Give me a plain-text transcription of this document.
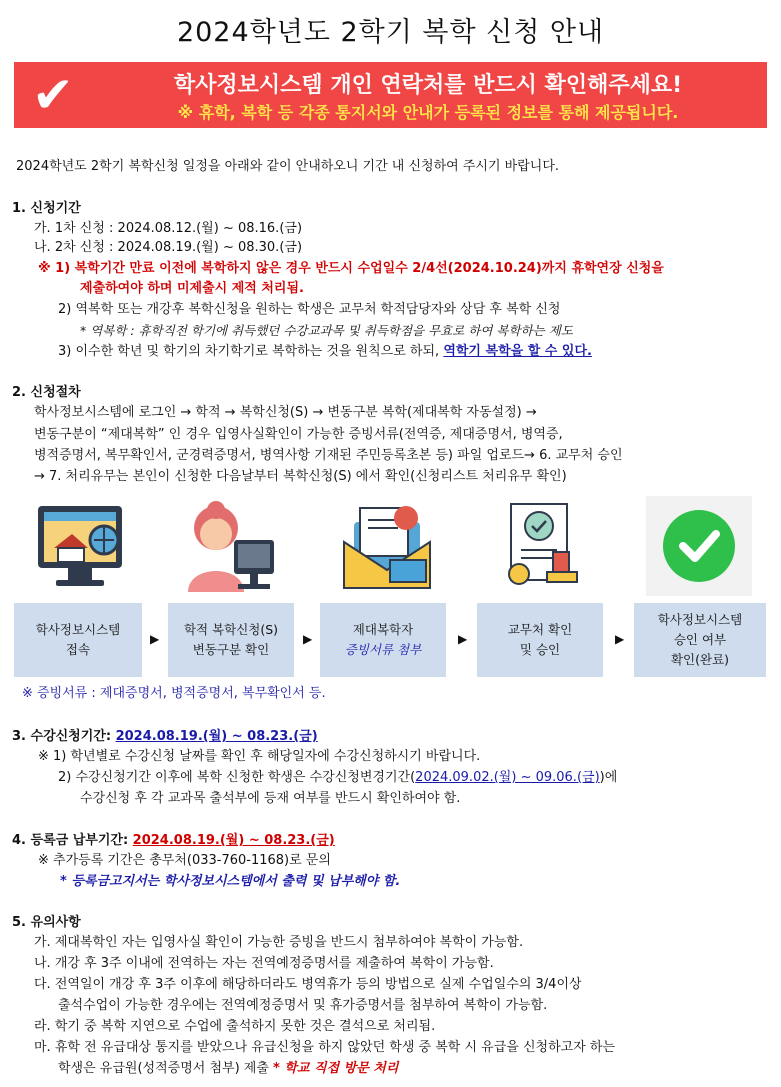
2024학년도 2학기 복학 신청 안내
✔	학사정보시스템 개인 연락처를 반드시 확인해주세요!
※ 휴학, 복학 등 각종 통지서와 안내가 등록된 정보를 통해 제공됩니다.
2024학년도 2학기 복학신청 일정을 아래와 같이 안내하오니 기간 내 신청하여 주시기 바랍니다.
1. 신청기간
가. 1차 신청 : 2024.08.12.(월) ~ 08.16.(금)
나. 2차 신청 : 2024.08.19.(월) ~ 08.30.(금)
※ 1) 복학기간 만료 이전에 복학하지 않은 경우 반드시 수업일수 2/4선(2024.10.24)까지 휴학연장 신청을
제출하여야 하며 미제출시 제적 처리됨.
2) 역복학 또는 개강후 복학신청을 원하는 학생은 교무처 학적담당자와 상담 후 복학 신청
* 역복학 : 휴학직전 학기에 취득했던 수강교과목 및 취득학점을 무효로 하여 복학하는 제도
3) 이수한 학년 및 학기의 차기학기로 복학하는 것을 원칙으로 하되, 역학기 복학을 할 수 있다.
2. 신청절차
학사정보시스템에 로그인 → 학적 → 복학신청(S) → 변동구분 복학(제대복학 자동설정) →
변동구분이 “제대복학” 인 경우 입영사실확인이 가능한 증빙서류(전역증, 제대증명서, 병역증,
병적증명서, 복무확인서, 군경력증명서, 병역사항 기재된 주민등록초본 등) 파일 업로드→ 6. 교무처 승인
→ 7. 처리유무는 본인이 신청한 다음날부터 복학신청(S) 에서 확인(신청리스트 처리유무 확인)
학사정보시스템
접속
▶
학적 복학신청(S)
변동구분 확인
▶
제대복학자
증빙서류 첨부
▶
교무처 확인
및 승인
▶
학사정보시스템
승인 여부
확인(완료)
※ 증빙서류 : 제대증명서, 병적증명서, 복무확인서 등.
3. 수강신청기간: 2024.08.19.(월) ~ 08.23.(금)
※ 1) 학년별로 수강신청 날짜를 확인 후 해당일자에 수강신청하시기 바랍니다.
2) 수강신청기간 이후에 복학 신청한 학생은 수강신청변경기간(2024.09.02.(월) ~ 09.06.(금))에
수강신청 후 각 교과목 출석부에 등재 여부를 반드시 확인하여야 함.
4. 등록금 납부기간: 2024.08.19.(월) ~ 08.23.(금)
※ 추가등록 기간은 총무처(033-760-1168)로 문의
* 등록금고지서는 학사정보시스템에서 출력 및 납부해야 함.
5. 유의사항
가. 제대복학인 자는 입영사실 확인이 가능한 증빙을 반드시 첨부하여야 복학이 가능함.
나. 개강 후 3주 이내에 전역하는 자는 전역예정증명서를 제출하여 복학이 가능함.
다. 전역일이 개강 후 3주 이후에 해당하더라도 병역휴가 등의 방법으로 실제 수업일수의 3/4이상
출석수업이 가능한 경우에는 전역예정증명서 및 휴가증명서를 첨부하여 복학이 가능함.
라. 학기 중 복학 지연으로 수업에 출석하지 못한 것은 결석으로 처리됨.
마. 휴학 전 유급대상 통지를 받았으나 유급신청을 하지 않았던 학생 중 복학 시 유급을 신청하고자 하는
학생은 유급원(성적증명서 첨부) 제출 * 학교 직접 방문 처리
